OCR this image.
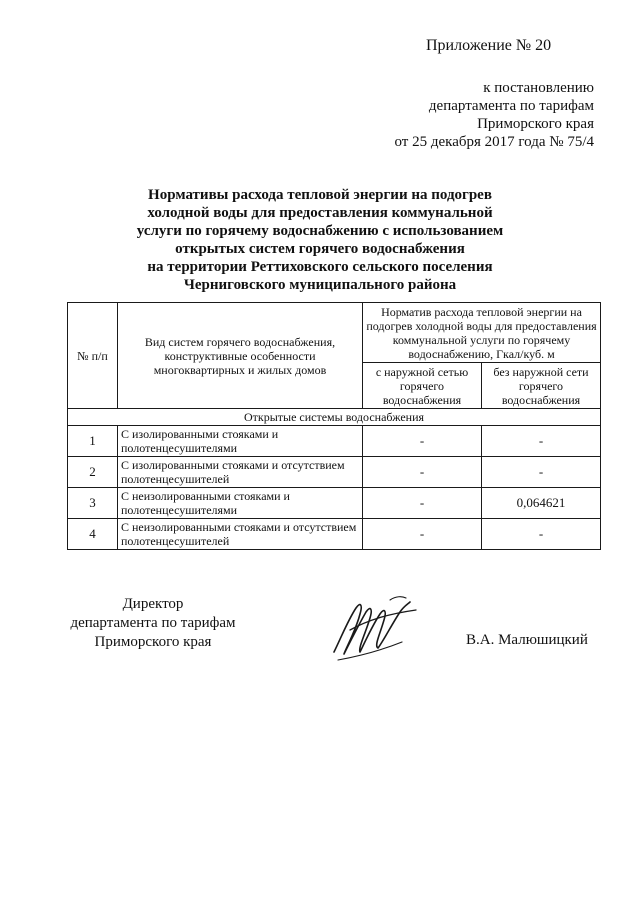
Приложение № 20
к постановлению
департамента по тарифам
Приморского края
от 25 декабря 2017 года № 75/4
Нормативы расхода тепловой энергии на подогрев
холодной воды для предоставления коммунальной
услуги по горячему водоснабжению с использованием
открытых систем горячего водоснабжения
на территории Реттиховского сельского поселения
Черниговского муниципального района
№ п/п	Вид систем горячего водоснабжения, конструктивные особенности многоквартирных и жилых домов	Норматив расхода тепловой энергии на подогрев холодной воды для предоставления коммунальной услуги по горячему водоснабжению, Гкал/куб. м	
		с наружной сетью горячего водоснабжения	без наружной сети горячего водоснабжения
Открытые системы водоснабжения			
1	С изолированными стояками и полотенцесушителями	-	-
2	С изолированными стояками и отсутствием полотенцесушителей	-	-
3	С неизолированными стояками и полотенцесушителями	-	0,064621
4	С неизолированными стояками и отсутствием полотенцесушителей	-	-
Директор
департамента по тарифам
Приморского края	В.А. Малюшицкий
